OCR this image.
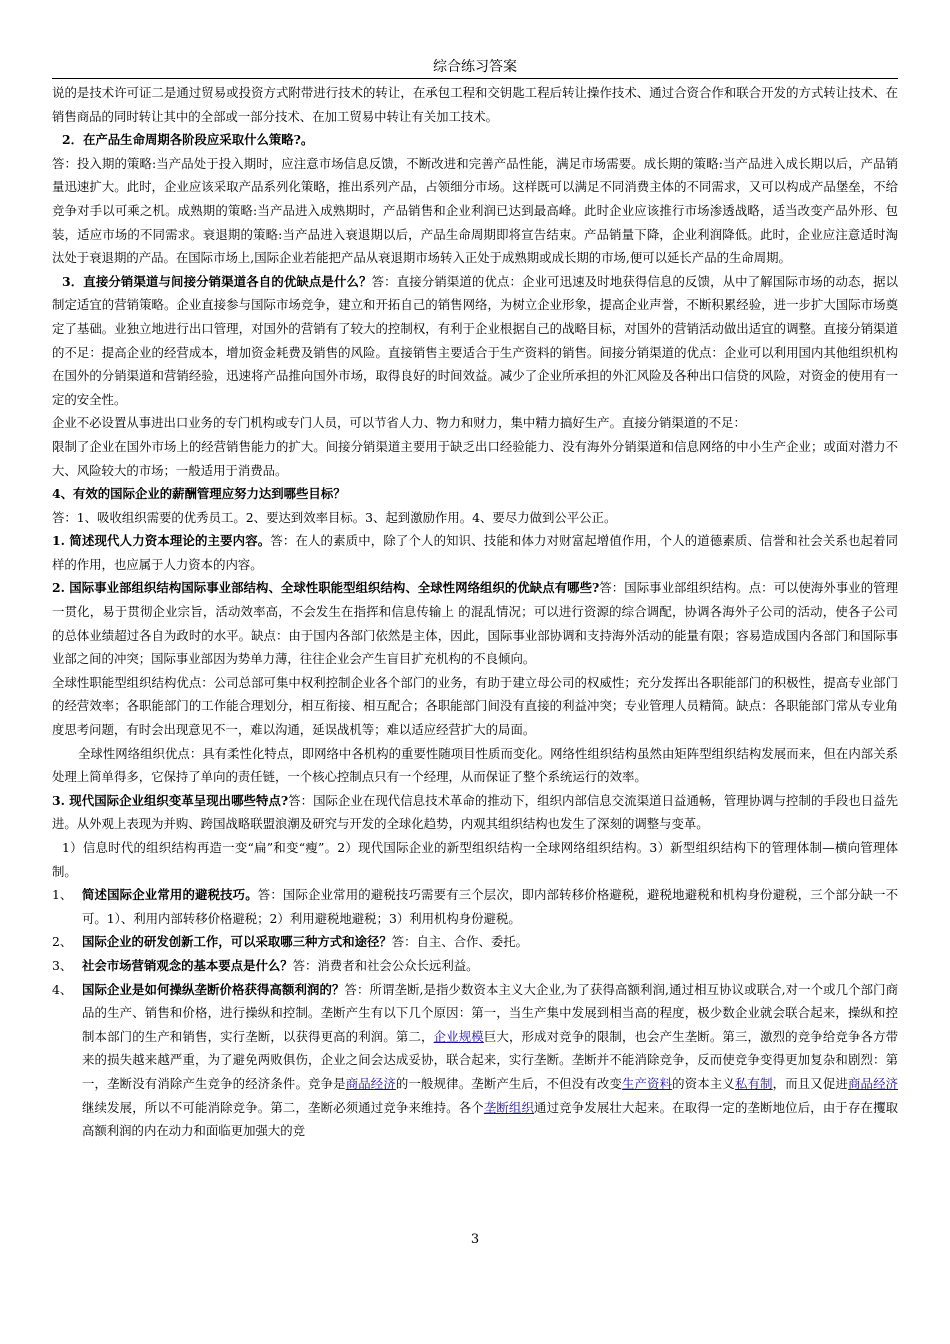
综合练习答案

说的是技术许可证二是通过贸易或投资方式附带进行技术的转让，在承包工程和交钥匙工程后转让操作技术、通过合资合作和联合开发的方式转让技术、在销售商品的同时转让其中的全部或一部分技术、在加工贸易中转让有关加工技术。

2．在产品生命周期各阶段应采取什么策略?。

答：投入期的策略:当产品处于投入期时，应注意市场信息反馈，不断改进和完善产品性能，满足市场需要。成长期的策略:当产品进入成长期以后，产品销量迅速扩大。此时，企业应该采取产品系列化策略，推出系列产品，占领细分市场。这样既可以满足不同消费主体的不同需求，又可以构成产品堡垒，不给竞争对手以可乘之机。成熟期的策略:当产品进入成熟期时，产品销售和企业利润已达到最高峰。此时企业应该推行市场渗透战略，适当改变产品外形、包装，适应市场的不同需求。衰退期的策略:当产品进入衰退期以后，产品生命周期即将宣告结束。产品销量下降，企业利润降低。此时，企业应注意适时淘汰处于衰退期的产品。在国际市场上,国际企业若能把产品从衰退期市场转入正处于成熟期或成长期的市场,便可以延长产品的生命周期。

3．直接分销渠道与间接分销渠道各自的优缺点是什么？答：直接分销渠道的优点：企业可迅速及时地获得信息的反馈，从中了解国际市场的动态，据以制定适宜的营销策略。企业直接参与国际市场竞争，建立和开拓自己的销售网络，为树立企业形象，提高企业声誉，不断积累经验，进一步扩大国际市场奠定了基础。业独立地进行出口管理，对国外的营销有了较大的控制权，有利于企业根据自己的战略目标，对国外的营销活动做出适宜的调整。直接分销渠道的不足：提高企业的经营成本，增加资金耗费及销售的风险。直接销售主要适合于生产资料的销售。间接分销渠道的优点：企业可以利用国内其他组织机构在国外的分销渠道和营销经验，迅速将产品推向国外市场，取得良好的时间效益。减少了企业所承担的外汇风险及各种出口信贷的风险，对资金的使用有一定的安全性。

企业不必设置从事进出口业务的专门机构或专门人员，可以节省人力、物力和财力，集中精力搞好生产。直接分销渠道的不足：

限制了企业在国外市场上的经营销售能力的扩大。间接分销渠道主要用于缺乏出口经验能力、没有海外分销渠道和信息网络的中小生产企业；或面对潜力不大、风险较大的市场；一般适用于消费品。

4、有效的国际企业的薪酬管理应努力达到哪些目标？

答：1、吸收组织需要的优秀员工。2、要达到效率目标。3、起到激励作用。4、要尽力做到公平公正。

1. 简述现代人力资本理论的主要内容。答：在人的素质中，除了个人的知识、技能和体力对财富起增值作用，个人的道德素质、信誉和社会关系也起着同样的作用，也应属于人力资本的内容。

2. 国际事业部组织结构国际事业部结构、全球性职能型组织结构、全球性网络组织的优缺点有哪些?答：国际事业部组织结构。点：可以使海外事业的管理一贯化，易于贯彻企业宗旨，活动效率高，不会发生在指挥和信息传输上 的混乱情况；可以进行资源的综合调配，协调各海外子公司的活动，使各子公司的总体业绩超过各自为政时的水平。缺点：由于国内各部门依然是主体，因此，国际事业部协调和支持海外活动的能量有限；容易造成国内各部门和国际事业部之间的冲突；国际事业部因为势单力薄，往往企业会产生盲目扩充机构的不良倾向。

全球性职能型组织结构优点：公司总部可集中权利控制企业各个部门的业务，有助于建立母公司的权威性；充分发挥出各职能部门的积极性，提高专业部门的经营效率；各职能部门的工作能合理划分，相互衔接、相互配合；各职能部门间没有直接的利益冲突；专业管理人员精简。缺点：各职能部门常从专业角度思考问题，有时会出现意见不一，难以沟通，延误战机等；难以适应经营扩大的局面。

全球性网络组织优点：具有柔性化特点，即网络中各机构的重要性随项目性质而变化。网络性组织结构虽然由矩阵型组织结构发展而来，但在内部关系处理上简单得多，它保持了单向的责任链，一个核心控制点只有一个经理，从而保证了整个系统运行的效率。

3. 现代国际企业组织变革呈现出哪些特点?答：国际企业在现代信息技术革命的推动下，组织内部信息交流渠道日益通畅，管理协调与控制的手段也日益先进。从外观上表现为并购、跨国战略联盟浪潮及研究与开发的全球化趋势，内观其组织结构也发生了深刻的调整与变革。

1）信息时代的组织结构再造一变“扁”和变“瘦”。2）现代国际企业的新型组织结构一全球网络组织结构。3）新型组织结构下的管理体制—横向管理体制。

1、 简述国际企业常用的避税技巧。答：国际企业常用的避税技巧需要有三个层次，即内部转移价格避税，避税地避税和机构身份避税，三个部分缺一不可。1）、利用内部转移价格避税；2）利用避税地避税；3）利用机构身份避税。
2、 国际企业的研发创新工作，可以采取哪三种方式和途径？答：自主、合作、委托。
3、 社会市场营销观念的基本要点是什么？答：消费者和社会公众长远利益。
4、 国际企业是如何操纵垄断价格获得高额利润的？答：所谓垄断,是指少数资本主义大企业,为了获得高额利润,通过相互协议或联合,对一个或几个部门商品的生产、销售和价格，进行操纵和控制。垄断产生有以下几个原因：第一，当生产集中发展到相当高的程度，极少数企业就会联合起来，操纵和控制本部门的生产和销售，实行垄断，以获得更高的利润。第二，企业规模巨大，形成对竞争的限制，也会产生垄断。第三，激烈的竞争给竞争各方带来的损失越来越严重，为了避免两败俱伤，企业之间会达成妥协，联合起来，实行垄断。垄断并不能消除竞争，反而使竞争变得更加复杂和剧烈：第一，垄断没有消除产生竞争的经济条件。竞争是商品经济的一般规律。垄断产生后，不但没有改变生产资料的资本主义私有制，而且又促进商品经济继续发展，所以不可能消除竞争。第二，垄断必须通过竞争来维持。各个垄断组织通过竞争发展壮大起来。在取得一定的垄断地位后，由于存在攫取高额利润的内在动力和面临更加强大的竞
3
